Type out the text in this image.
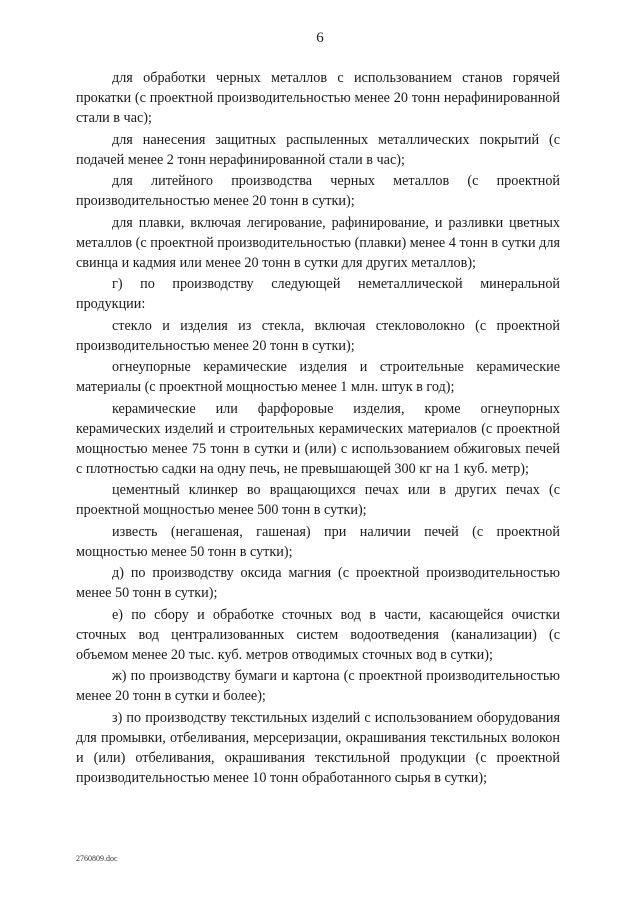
6

для обработки черных металлов с использованием станов горячей прокатки (с проектной производительностью менее 20 тонн нерафинированной стали в час);

для нанесения защитных распыленных металлических покрытий (с подачей менее 2 тонн нерафинированной стали в час);

для литейного производства черных металлов (с проектной производительностью менее 20 тонн в сутки);

для плавки, включая легирование, рафинирование, и разливки цветных металлов (с проектной производительностью (плавки) менее 4 тонн в сутки для свинца и кадмия или менее 20 тонн в сутки для других металлов);

г) по производству следующей неметаллической минеральной продукции:

стекло и изделия из стекла, включая стекловолокно (с проектной производительностью менее 20 тонн в сутки);

огнеупорные керамические изделия и строительные керамические материалы (с проектной мощностью менее 1 млн. штук в год);

керамические или фарфоровые изделия, кроме огнеупорных керамических изделий и строительных керамических материалов (с проектной мощностью менее 75 тонн в сутки и (или) с использованием обжиговых печей с плотностью садки на одну печь, не превышающей 300 кг на 1 куб. метр);

цементный клинкер во вращающихся печах или в других печах (с проектной мощностью менее 500 тонн в сутки);

известь (негашеная, гашеная) при наличии печей (с проектной мощностью менее 50 тонн в сутки);

д) по производству оксида магния (с проектной производительностью менее 50 тонн в сутки);

е) по сбору и обработке сточных вод в части, касающейся очистки сточных вод централизованных систем водоотведения (канализации) (с объемом менее 20 тыс. куб. метров отводимых сточных вод в сутки);

ж) по производству бумаги и картона (с проектной производительностью менее 20 тонн в сутки и более);

з) по производству текстильных изделий с использованием оборудования для промывки, отбеливания, мерсеризации, окрашивания текстильных волокон и (или) отбеливания, окрашивания текстильной продукции (с проектной производительностью менее 10 тонн обработанного сырья в сутки);

2760809.doc
